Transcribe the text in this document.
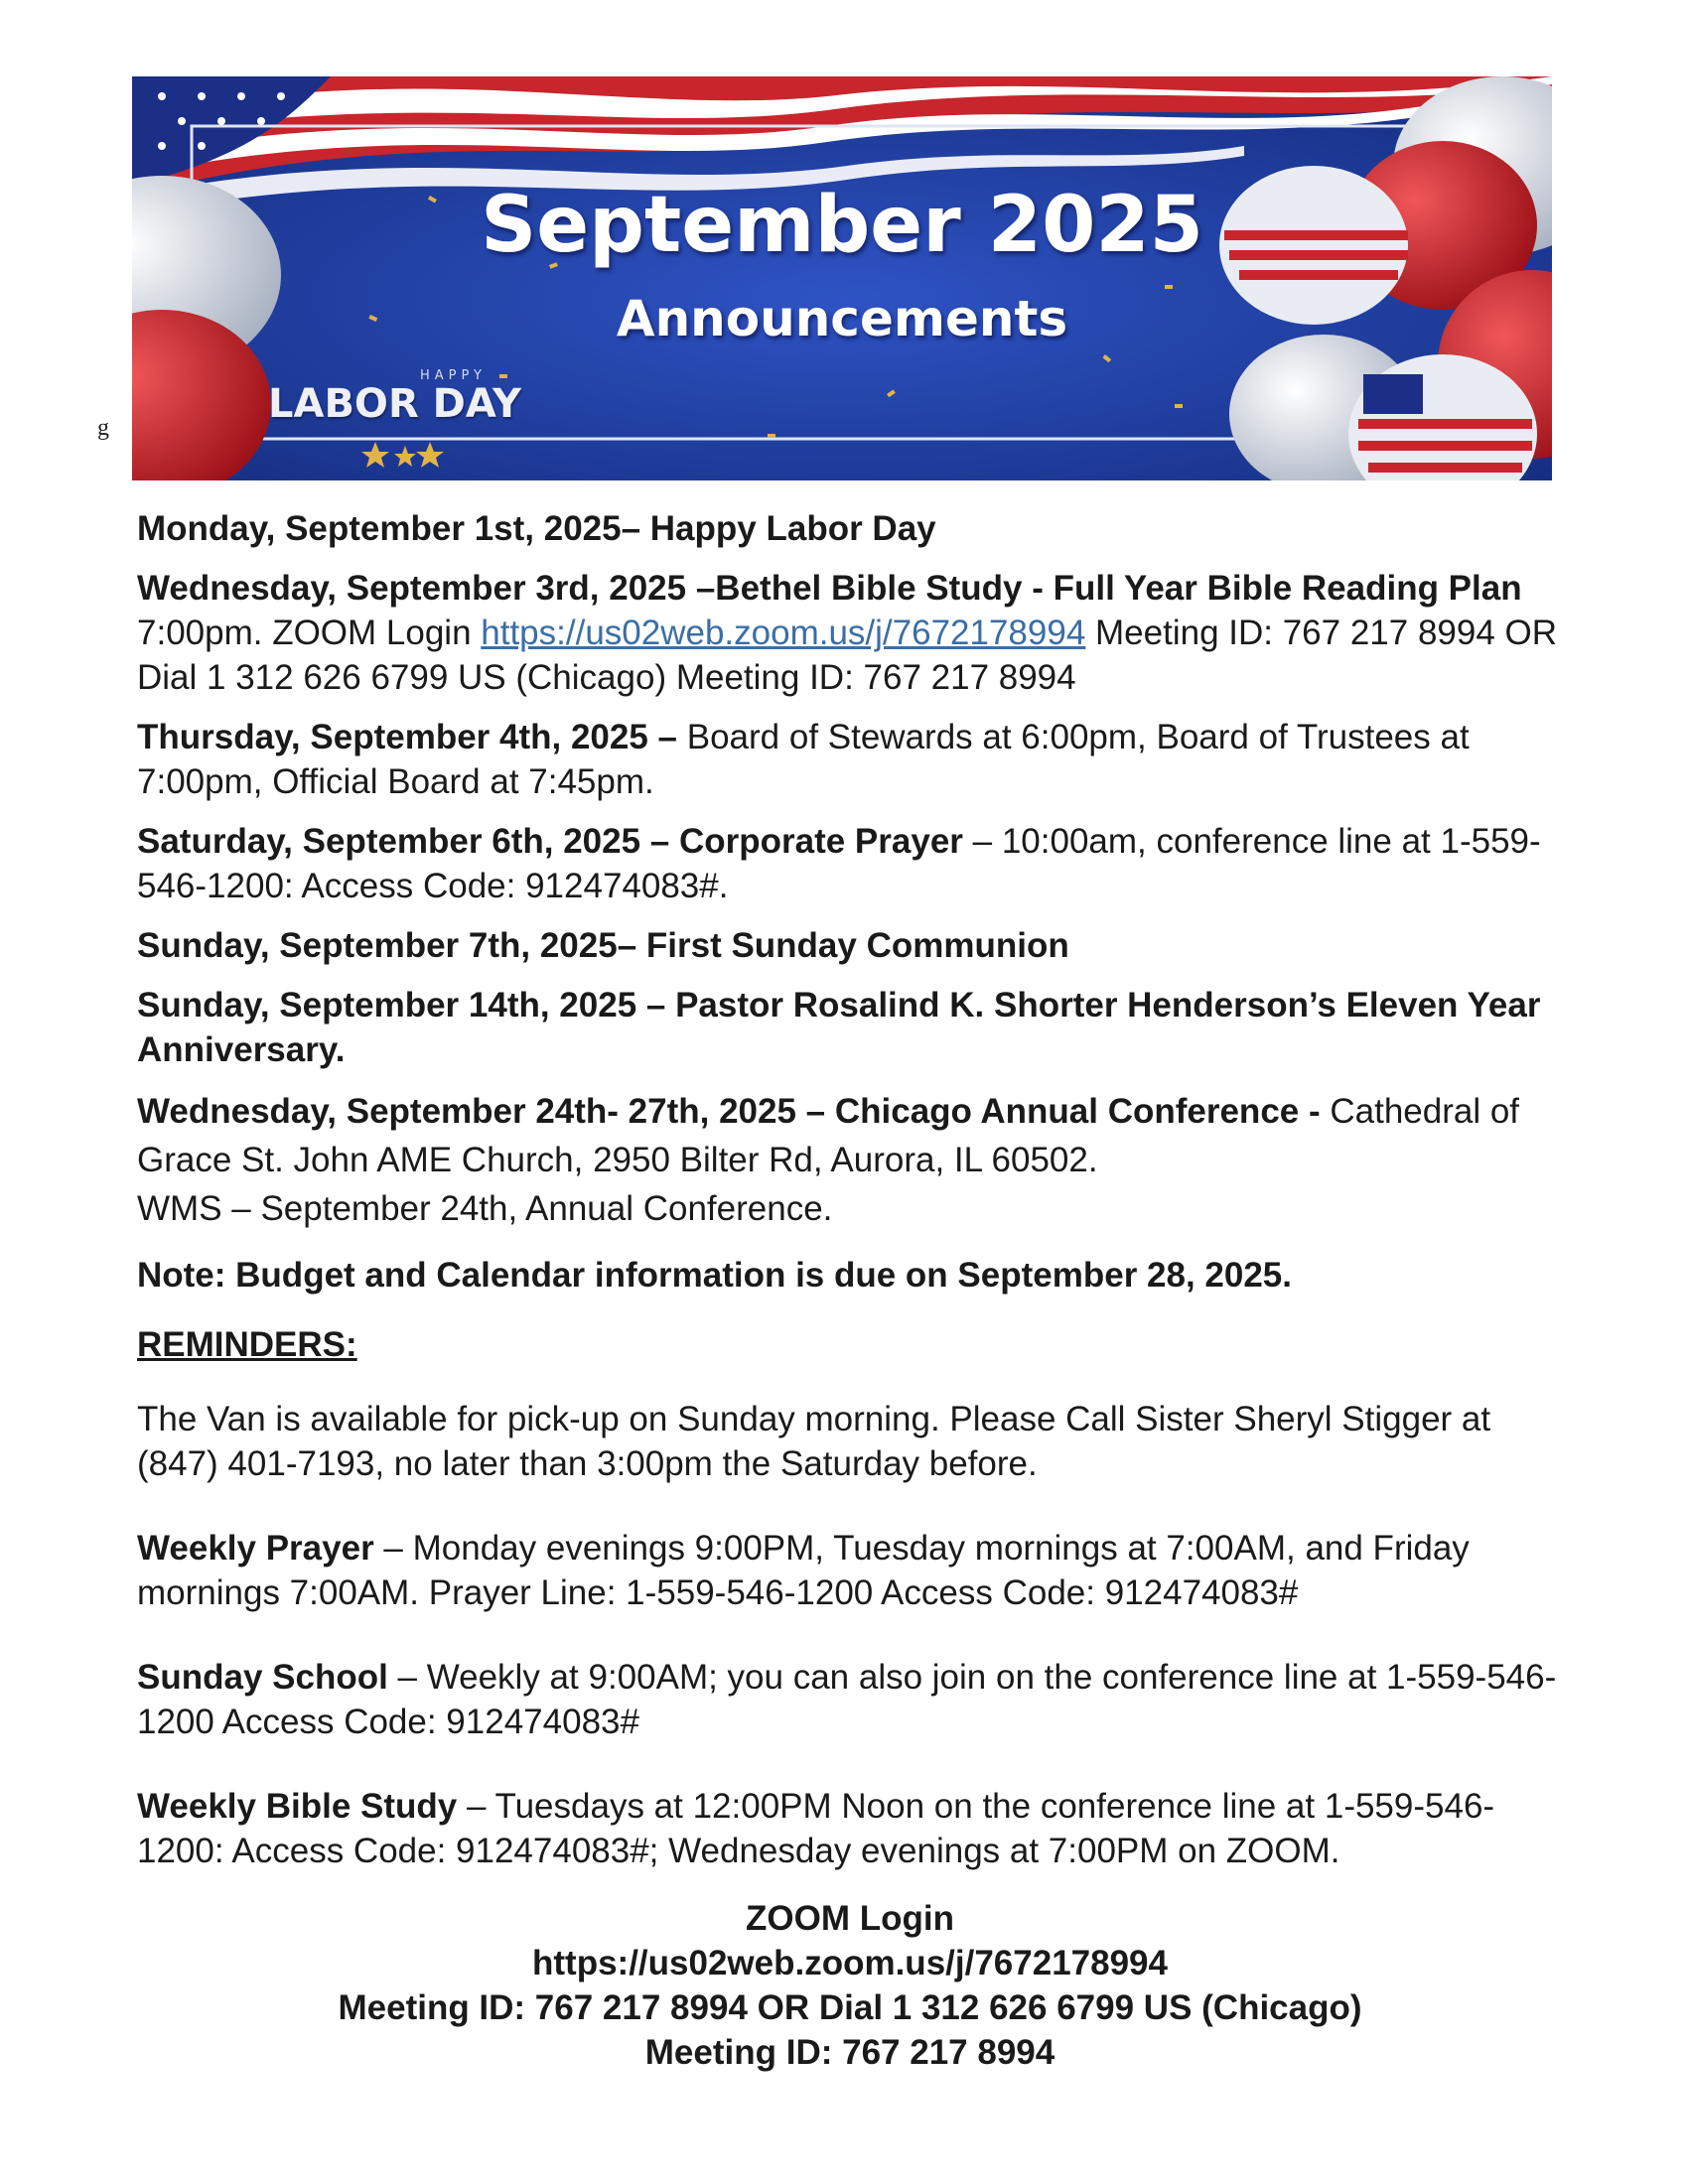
g
September 2025
Announcements
HAPPY
LABOR DAY

Monday, September 1st, 2025– Happy Labor Day

Wednesday, September 3rd, 2025 –Bethel Bible Study - Full Year Bible Reading Plan 7:00pm. ZOOM Login https://us02web.zoom.us/j/7672178994 Meeting ID: 767 217 8994 OR Dial 1 312 626 6799 US (Chicago) Meeting ID: 767 217 8994

Thursday, September 4th, 2025 – Board of Stewards at 6:00pm, Board of Trustees at 7:00pm, Official Board at 7:45pm.

Saturday, September 6th, 2025 – Corporate Prayer – 10:00am, conference line at 1-559-546-1200: Access Code: 912474083#.

Sunday, September 7th, 2025– First Sunday Communion

Sunday, September 14th, 2025 – Pastor Rosalind K. Shorter Henderson’s Eleven Year Anniversary.

Wednesday, September 24th- 27th, 2025 – Chicago Annual Conference - Cathedral of Grace St. John AME Church, 2950 Bilter Rd, Aurora, IL 60502.
WMS – September 24th, Annual Conference.

Note: Budget and Calendar information is due on September 28, 2025.

REMINDERS:

The Van is available for pick-up on Sunday morning. Please Call Sister Sheryl Stigger at (847) 401-7193, no later than 3:00pm the Saturday before.

Weekly Prayer – Monday evenings 9:00PM, Tuesday mornings at 7:00AM, and Friday mornings 7:00AM. Prayer Line: 1-559-546-1200 Access Code: 912474083#

Sunday School – Weekly at 9:00AM; you can also join on the conference line at 1-559-546-1200 Access Code: 912474083#

Weekly Bible Study – Tuesdays at 12:00PM Noon on the conference line at 1-559-546-1200: Access Code: 912474083#; Wednesday evenings at 7:00PM on ZOOM.

ZOOM Login
https://us02web.zoom.us/j/7672178994
Meeting ID: 767 217 8994 OR Dial 1 312 626 6799 US (Chicago)
Meeting ID: 767 217 8994
